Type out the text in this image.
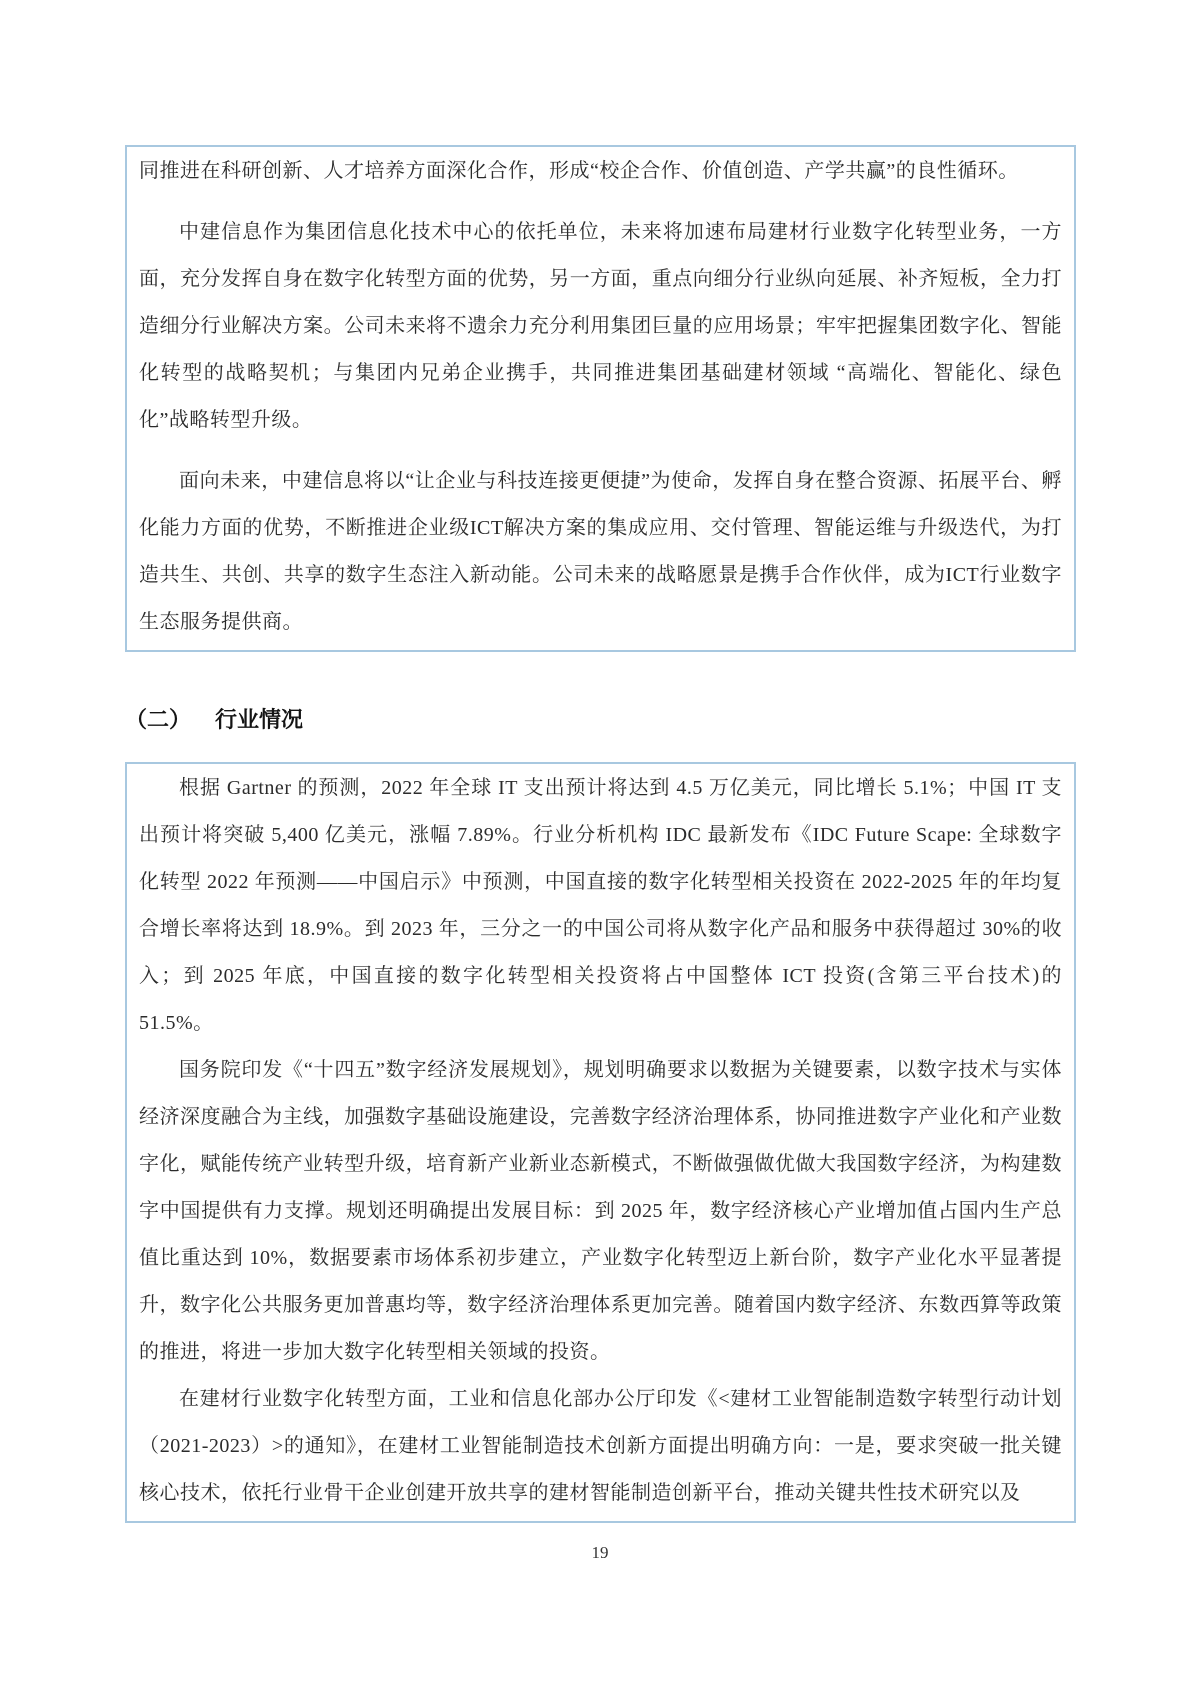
同推进在科研创新、人才培养方面深化合作，形成“校企合作、价值创造、产学共赢”的良性循环。

中建信息作为集团信息化技术中心的依托单位，未来将加速布局建材行业数字化转型业务，一方面，充分发挥自身在数字化转型方面的优势，另一方面，重点向细分行业纵向延展、补齐短板，全力打造细分行业解决方案。公司未来将不遗余力充分利用集团巨量的应用场景；牢牢把握集团数字化、智能化转型的战略契机；与集团内兄弟企业携手，共同推进集团基础建材领域 “高端化、智能化、绿色化”战略转型升级。

面向未来，中建信息将以“让企业与科技连接更便捷”为使命，发挥自身在整合资源、拓展平台、孵化能力方面的优势，不断推进企业级ICT解决方案的集成应用、交付管理、智能运维与升级迭代，为打造共生、共创、共享的数字生态注入新动能。公司未来的战略愿景是携手合作伙伴，成为ICT行业数字生态服务提供商。

（二） 行业情况

根据 Gartner 的预测，2022 年全球 IT 支出预计将达到 4.5 万亿美元，同比增长 5.1%；中国 IT 支出预计将突破 5,400 亿美元，涨幅 7.89%。行业分析机构 IDC 最新发布《IDC Future Scape: 全球数字化转型 2022 年预测——中国启示》中预测，中国直接的数字化转型相关投资在 2022-2025 年的年均复合增长率将达到 18.9%。到 2023 年，三分之一的中国公司将从数字化产品和服务中获得超过 30%的收入；到 2025 年底，中国直接的数字化转型相关投资将占中国整体 ICT 投资(含第三平台技术)的 51.5%。

国务院印发《“十四五”数字经济发展规划》，规划明确要求以数据为关键要素，以数字技术与实体经济深度融合为主线，加强数字基础设施建设，完善数字经济治理体系，协同推进数字产业化和产业数字化，赋能传统产业转型升级，培育新产业新业态新模式，不断做强做优做大我国数字经济，为构建数字中国提供有力支撑。规划还明确提出发展目标：到 2025 年，数字经济核心产业增加值占国内生产总值比重达到 10%，数据要素市场体系初步建立，产业数字化转型迈上新台阶，数字产业化水平显著提升，数字化公共服务更加普惠均等，数字经济治理体系更加完善。随着国内数字经济、东数西算等政策的推进，将进一步加大数字化转型相关领域的投资。

在建材行业数字化转型方面，工业和信息化部办公厅印发《<建材工业智能制造数字转型行动计划（2021-2023）>的通知》，在建材工业智能制造技术创新方面提出明确方向：一是，要求突破一批关键核心技术，依托行业骨干企业创建开放共享的建材智能制造创新平台，推动关键共性技术研究以及

19
